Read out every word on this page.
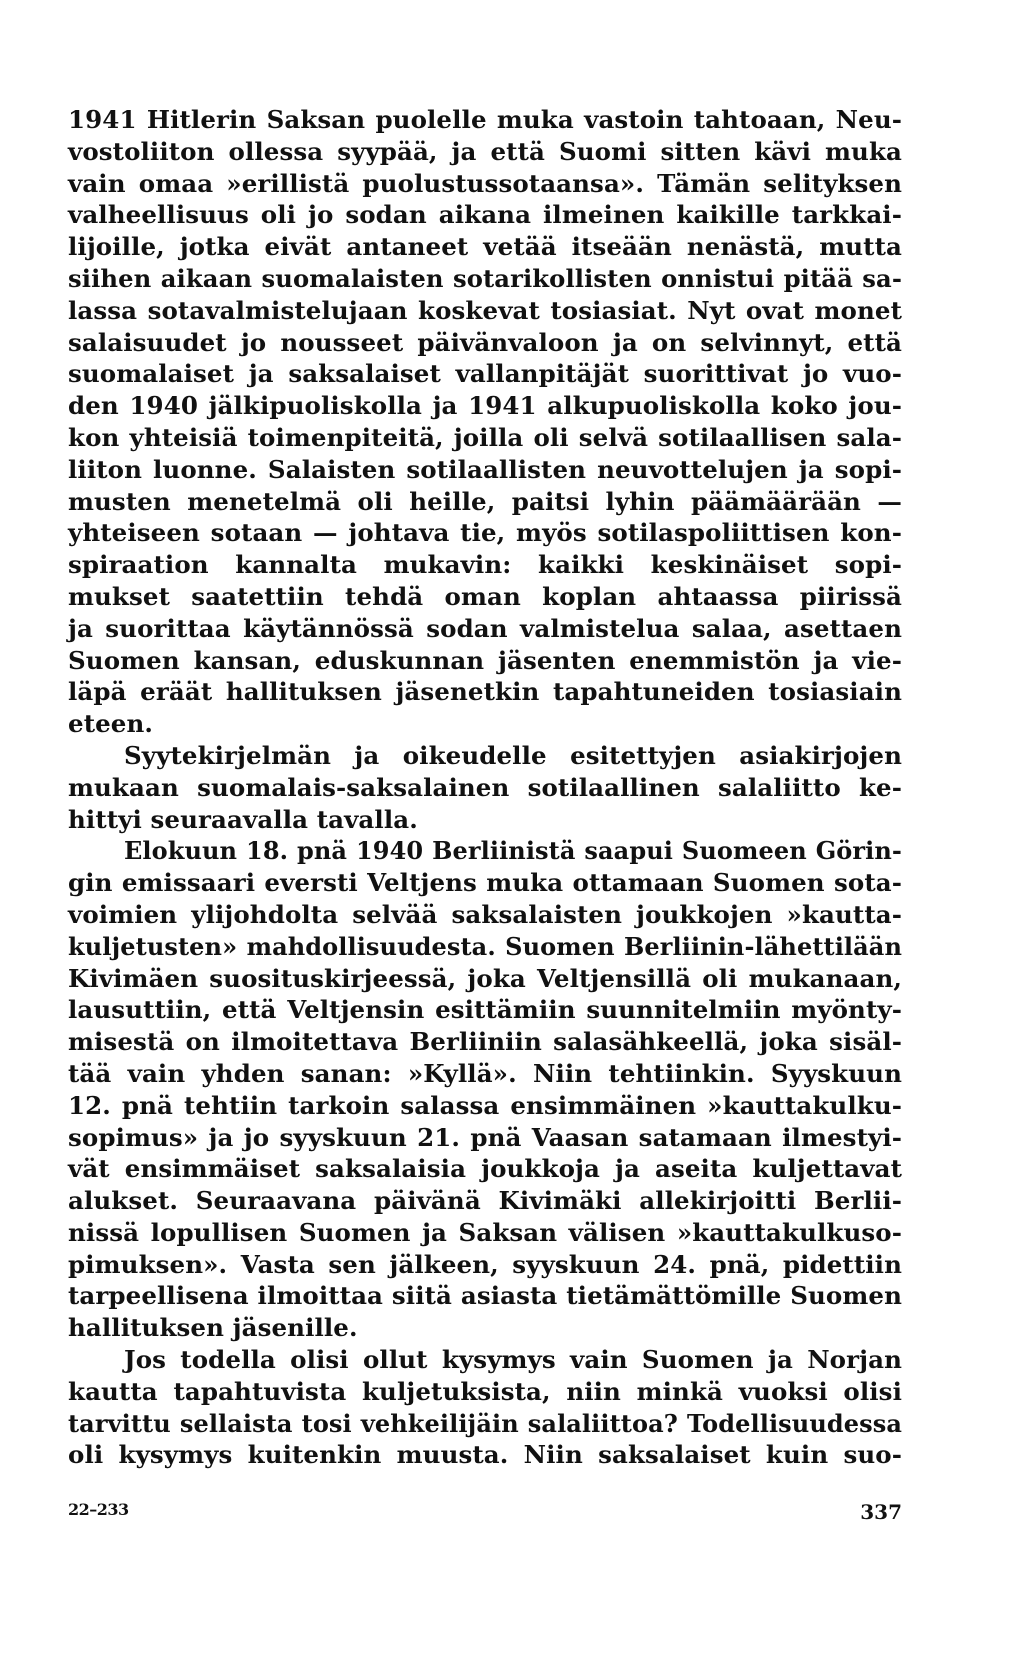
1941 Hitlerin Saksan puolelle muka vastoin tahtoaan, Neu-
vostoliiton ollessa syypää, ja että Suomi sitten kävi muka
vain omaa »erillistä puolustussotaansa». Tämän selityksen
valheellisuus oli jo sodan aikana ilmeinen kaikille tarkkai-
lijoille, jotka eivät antaneet vetää itseään nenästä, mutta
siihen aikaan suomalaisten sotarikollisten onnistui pitää sa-
lassa sotavalmistelujaan koskevat tosiasiat. Nyt ovat monet
salaisuudet jo nousseet päivänvaloon ja on selvinnyt, että
suomalaiset ja saksalaiset vallanpitäjät suorittivat jo vuo-
den 1940 jälkipuoliskolla ja 1941 alkupuoliskolla koko jou-
kon yhteisiä toimenpiteitä, joilla oli selvä sotilaallisen sala-
liiton luonne. Salaisten sotilaallisten neuvottelujen ja sopi-
musten menetelmä oli heille, paitsi lyhin päämäärään —
yhteiseen sotaan — johtava tie, myös sotilaspoliittisen kon-
spiraation kannalta mukavin: kaikki keskinäiset sopi-
mukset saatettiin tehdä oman koplan ahtaassa piirissä
ja suorittaa käytännössä sodan valmistelua salaa, asettaen
Suomen kansan, eduskunnan jäsenten enemmistön ja vie-
läpä eräät hallituksen jäsenetkin tapahtuneiden tosiasiain
eteen.
Syytekirjelmän ja oikeudelle esitettyjen asiakirjojen
mukaan suomalais-saksalainen sotilaallinen salaliitto ke-
hittyi seuraavalla tavalla.
Elokuun 18. pnä 1940 Berliinistä saapui Suomeen Görin-
gin emissaari eversti Veltjens muka ottamaan Suomen sota-
voimien ylijohdolta selvää saksalaisten joukkojen »kautta-
kuljetusten» mahdollisuudesta. Suomen Berliinin-lähettilään
Kivimäen suosituskirjeessä, joka Veltjensillä oli mukanaan,
lausuttiin, että Veltjensin esittämiin suunnitelmiin myönty-
misestä on ilmoitettava Berliiniin salasähkeellä, joka sisäl-
tää vain yhden sanan: »Kyllä». Niin tehtiinkin. Syyskuun
12. pnä tehtiin tarkoin salassa ensimmäinen »kauttakulku-
sopimus» ja jo syyskuun 21. pnä Vaasan satamaan ilmestyi-
vät ensimmäiset saksalaisia joukkoja ja aseita kuljettavat
alukset. Seuraavana päivänä Kivimäki allekirjoitti Berlii-
nissä lopullisen Suomen ja Saksan välisen »kauttakulkuso-
pimuksen». Vasta sen jälkeen, syyskuun 24. pnä, pidettiin
tarpeellisena ilmoittaa siitä asiasta tietämättömille Suomen
hallituksen jäsenille.
Jos todella olisi ollut kysymys vain Suomen ja Norjan
kautta tapahtuvista kuljetuksista, niin minkä vuoksi olisi
tarvittu sellaista tosi vehkeilijäin salaliittoa? Todellisuudessa
oli kysymys kuitenkin muusta. Niin saksalaiset kuin suo-
22–233	337
